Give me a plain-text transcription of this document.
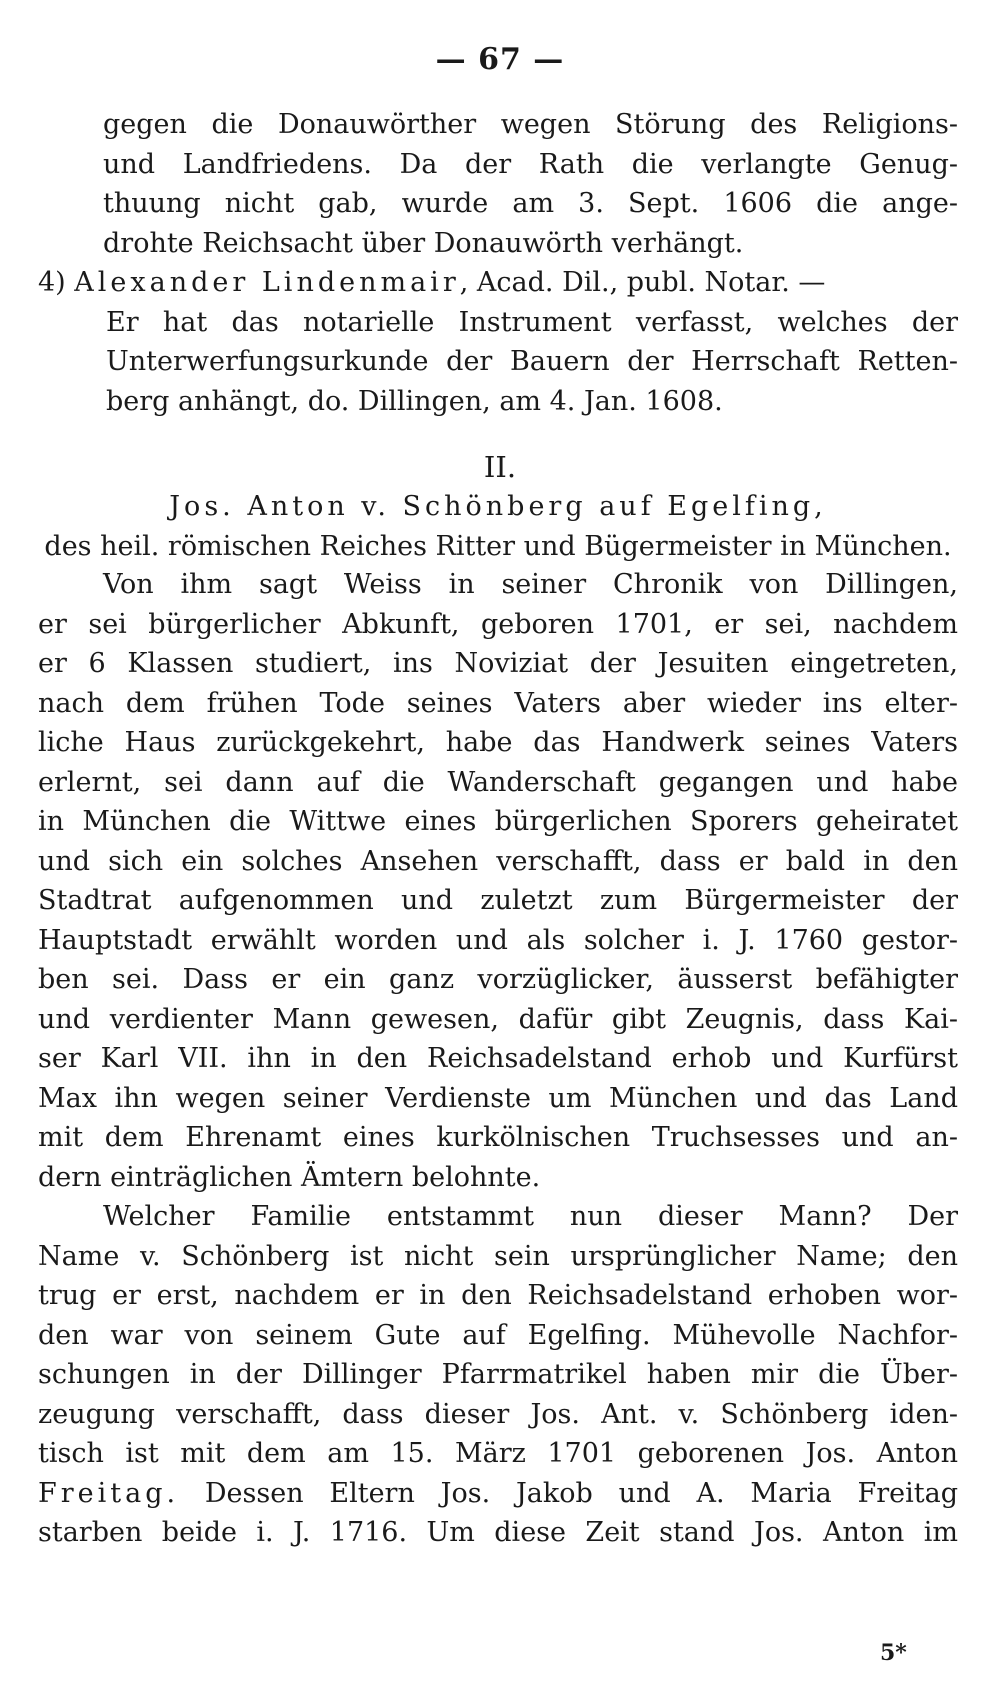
— 67 —
gegen die Donauwörther wegen Störung des Religions-
und Landfriedens. Da der Rath die verlangte Genug-
thuung nicht gab, wurde am 3. Sept. 1606 die ange-
drohte Reichsacht über Donauwörth verhängt.
4) Alexander Lindenmair, Acad. Dil., publ. Notar. —
Er hat das notarielle Instrument verfasst, welches der
Unterwerfungsurkunde der Bauern der Herrschaft Retten-
berg anhängt, do. Dillingen, am 4. Jan. 1608.
II.
Jos. Anton v. Schönberg auf Egelfing,
des heil. römischen Reiches Ritter und Bügermeister in München.
Von ihm sagt Weiss in seiner Chronik von Dillingen,
er sei bürgerlicher Abkunft, geboren 1701, er sei, nachdem
er 6 Klassen studiert, ins Noviziat der Jesuiten eingetreten,
nach dem frühen Tode seines Vaters aber wieder ins elter-
liche Haus zurückgekehrt, habe das Handwerk seines Vaters
erlernt, sei dann auf die Wanderschaft gegangen und habe
in München die Wittwe eines bürgerlichen Sporers geheiratet
und sich ein solches Ansehen verschafft, dass er bald in den
Stadtrat aufgenommen und zuletzt zum Bürgermeister der
Hauptstadt erwählt worden und als solcher i. J. 1760 gestor-
ben sei. Dass er ein ganz vorzüglicker, äusserst befähigter
und verdienter Mann gewesen, dafür gibt Zeugnis, dass Kai-
ser Karl VII. ihn in den Reichsadelstand erhob und Kurfürst
Max ihn wegen seiner Verdienste um München und das Land
mit dem Ehrenamt eines kurkölnischen Truchsesses und an-
dern einträglichen Ämtern belohnte.
Welcher Familie entstammt nun dieser Mann? Der
Name v. Schönberg ist nicht sein ursprünglicher Name; den
trug er erst, nachdem er in den Reichsadelstand erhoben wor-
den war von seinem Gute auf Egelfing. Mühevolle Nachfor-
schungen in der Dillinger Pfarrmatrikel haben mir die Über-
zeugung verschafft, dass dieser Jos. Ant. v. Schönberg iden-
tisch ist mit dem am 15. März 1701 geborenen Jos. Anton
Freitag. Dessen Eltern Jos. Jakob und A. Maria Freitag
starben beide i. J. 1716. Um diese Zeit stand Jos. Anton im
5*
